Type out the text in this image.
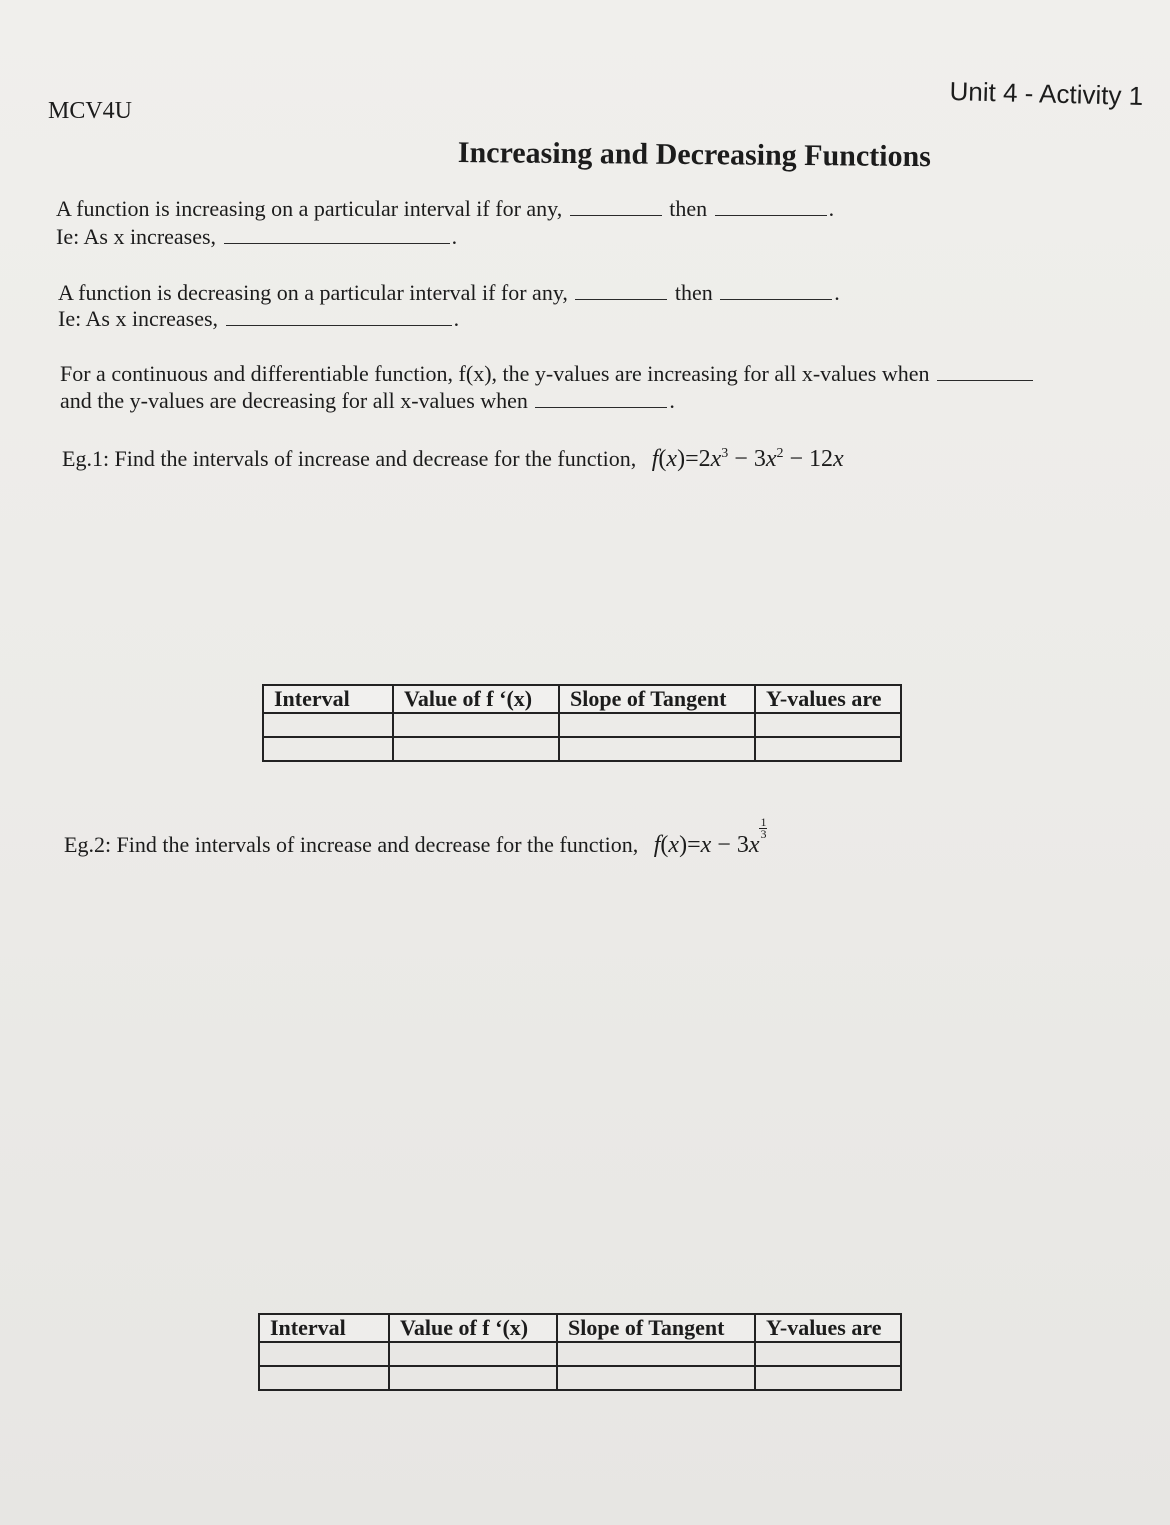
MCV4U	Unit 4 - Activity 1
Increasing and Decreasing Functions
A function is increasing on a particular interval if for any,	then	.
Ie: As x increases,	.
A function is decreasing on a particular interval if for any,	then	.
Ie: As x increases,	.
For a continuous and differentiable function, f(x), the y-values are increasing for all x-values when
and the y-values are decreasing for all x-values when	.
Eg.1: Find the intervals of increase and decrease for the function, $f(x)=2x^3 - 3x^2 - 12x$
Interval	Value of f ‘(x)	Slope of Tangent	Y-values are

Eg.2: Find the intervals of increase and decrease for the function, f(x)=x − 3x
$\frac{1}{3}$
Interval	Value of f ‘(x)	Slope of Tangent	Y-values are
